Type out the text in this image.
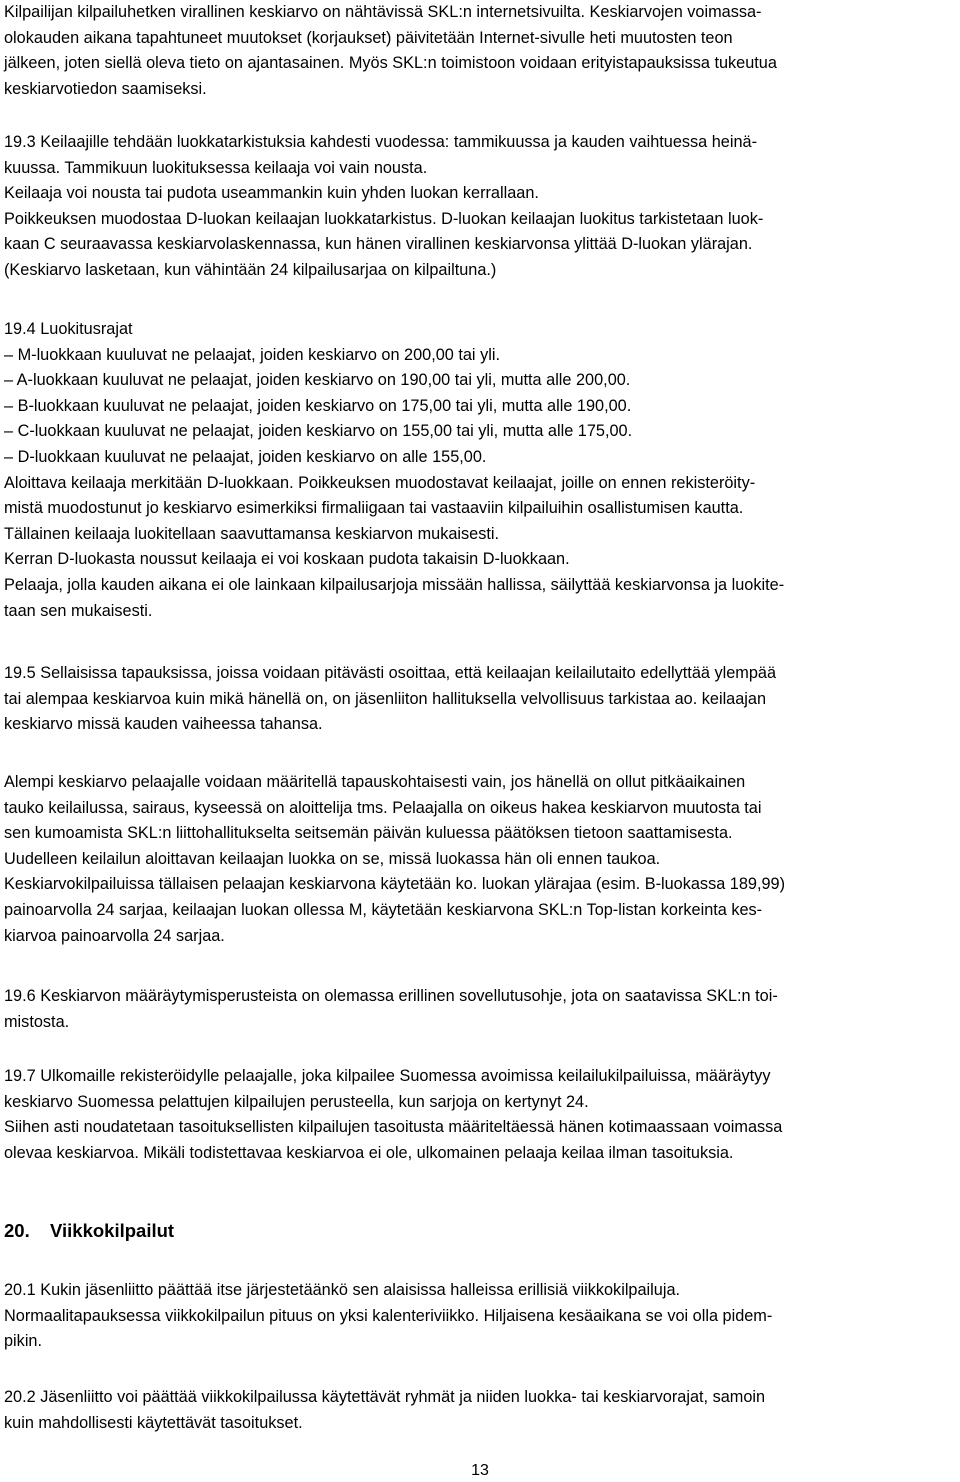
Kilpailijan kilpailuhetken virallinen keskiarvo on nähtävissä SKL:n internetsivuilta. Keskiarvojen voimassa-
olokauden aikana tapahtuneet muutokset (korjaukset) päivitetään Internet-sivulle heti muutosten teon
jälkeen, joten siellä oleva tieto on ajantasainen. Myös SKL:n toimistoon voidaan erityistapauksissa tukeutua
keskiarvotiedon saamiseksi.
19.3 Keilaajille tehdään luokkatarkistuksia kahdesti vuodessa: tammikuussa ja kauden vaihtuessa heinä-
kuussa. Tammikuun luokituksessa keilaaja voi vain nousta.
Keilaaja voi nousta tai pudota useammankin kuin yhden luokan kerrallaan.
Poikkeuksen muodostaa D-luokan keilaajan luokkatarkistus. D-luokan keilaajan luokitus tarkistetaan luok-
kaan C seuraavassa keskiarvolaskennassa, kun hänen virallinen keskiarvonsa ylittää D-luokan ylärajan.
(Keskiarvo lasketaan, kun vähintään 24 kilpailusarjaa on kilpailtuna.)
19.4 Luokitusrajat
– M-luokkaan kuuluvat ne pelaajat, joiden keskiarvo on 200,00 tai yli.
– A-luokkaan kuuluvat ne pelaajat, joiden keskiarvo on 190,00 tai yli, mutta alle 200,00.
– B-luokkaan kuuluvat ne pelaajat, joiden keskiarvo on 175,00 tai yli, mutta alle 190,00.
– C-luokkaan kuuluvat ne pelaajat, joiden keskiarvo on 155,00 tai yli, mutta alle 175,00.
– D-luokkaan kuuluvat ne pelaajat, joiden keskiarvo on alle 155,00.
Aloittava keilaaja merkitään D-luokkaan. Poikkeuksen muodostavat keilaajat, joille on ennen rekisteröity-
mistä muodostunut jo keskiarvo esimerkiksi firmaliigaan tai vastaaviin kilpailuihin osallistumisen kautta.
Tällainen keilaaja luokitellaan saavuttamansa keskiarvon mukaisesti.
Kerran D-luokasta noussut keilaaja ei voi koskaan pudota takaisin D-luokkaan.
Pelaaja, jolla kauden aikana ei ole lainkaan kilpailusarjoja missään hallissa, säilyttää keskiarvonsa ja luokite-
taan sen mukaisesti.
19.5 Sellaisissa tapauksissa, joissa voidaan pitävästi osoittaa, että keilaajan keilailutaito edellyttää ylempää
tai alempaa keskiarvoa kuin mikä hänellä on, on jäsenliiton hallituksella velvollisuus tarkistaa ao. keilaajan
keskiarvo missä kauden vaiheessa tahansa.
Alempi keskiarvo pelaajalle voidaan määritellä tapauskohtaisesti vain, jos hänellä on ollut pitkäaikainen
tauko keilailussa, sairaus, kyseessä on aloittelija tms. Pelaajalla on oikeus hakea keskiarvon muutosta tai
sen kumoamista SKL:n liittohallitukselta seitsemän päivän kuluessa päätöksen tietoon saattamisesta.
Uudelleen keilailun aloittavan keilaajan luokka on se, missä luokassa hän oli ennen taukoa.
Keskiarvokilpailuissa tällaisen pelaajan keskiarvona käytetään ko. luokan ylärajaa (esim. B-luokassa 189,99)
painoarvolla 24 sarjaa, keilaajan luokan ollessa M, käytetään keskiarvona SKL:n Top-listan korkeinta kes-
kiarvoa painoarvolla 24 sarjaa.
19.6 Keskiarvon määräytymisperusteista on olemassa erillinen sovellutusohje, jota on saatavissa SKL:n toi-
mistosta.
19.7 Ulkomaille rekisteröidylle pelaajalle, joka kilpailee Suomessa avoimissa keilailukilpailuissa, määräytyy
keskiarvo Suomessa pelattujen kilpailujen perusteella, kun sarjoja on kertynyt 24.
Siihen asti noudatetaan tasoituksellisten kilpailujen tasoitusta määriteltäessä hänen kotimaassaan voimassa
olevaa keskiarvoa. Mikäli todistettavaa keskiarvoa ei ole, ulkomainen pelaaja keilaa ilman tasoituksia.
20. Viikkokilpailut
20.1 Kukin jäsenliitto päättää itse järjestetäänkö sen alaisissa halleissa erillisiä viikkokilpailuja.
Normaalitapauksessa viikkokilpailun pituus on yksi kalenteriviikko. Hiljaisena kesäaikana se voi olla pidem-
pikin.
20.2 Jäsenliitto voi päättää viikkokilpailussa käytettävät ryhmät ja niiden luokka- tai keskiarvorajat, samoin
kuin mahdollisesti käytettävät tasoitukset.
13
